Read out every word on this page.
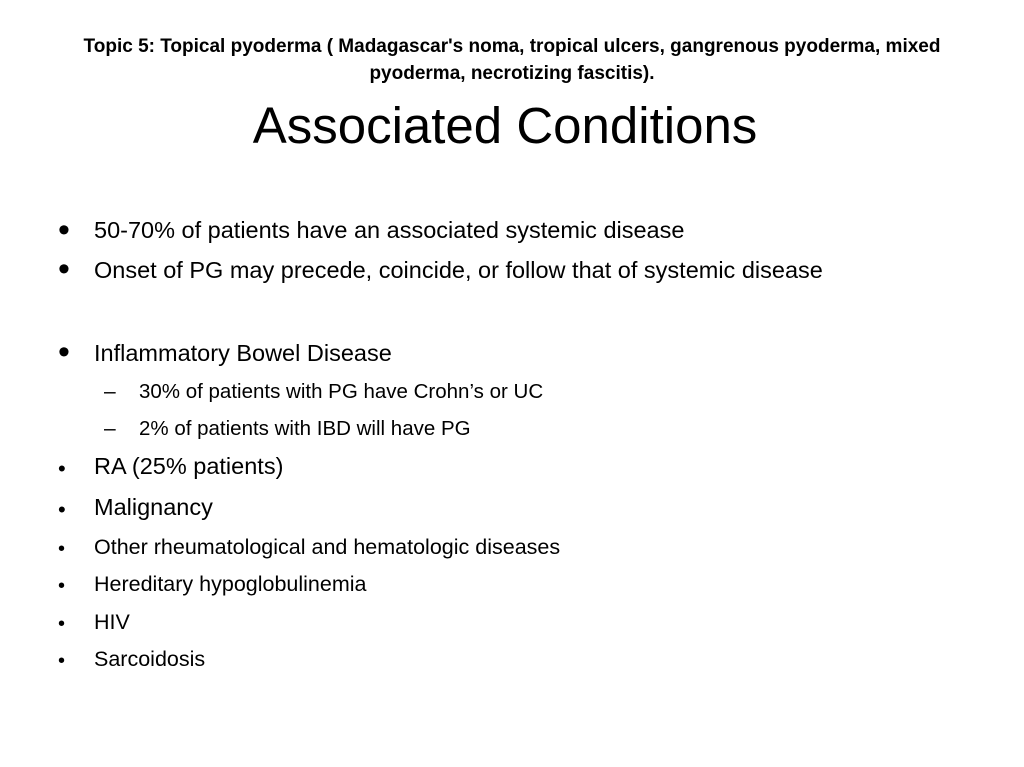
Topic 5: Topical pyoderma ( Madagascar's noma, tropical ulcers, gangrenous pyoderma, mixed
pyoderma, necrotizing fascitis).
Associated Conditions
• 50-70% of patients have an associated systemic disease
• Onset of PG may precede, coincide, or follow that of systemic disease
• Inflammatory Bowel Disease
– 30% of patients with PG have Crohn’s or UC
– 2% of patients with IBD will have PG
• RA (25% patients)
• Malignancy
• Other rheumatological and hematologic diseases
• Hereditary hypoglobulinemia
• HIV
• Sarcoidosis
